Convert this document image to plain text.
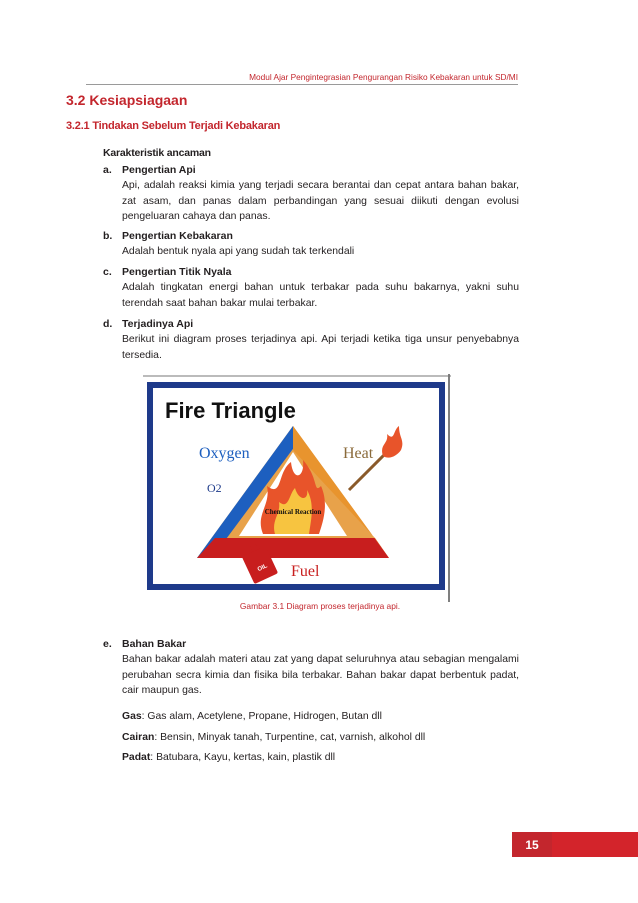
Modul Ajar Pengintegrasian Pengurangan Risiko Kebakaran untuk SD/MI
3.2 Kesiapsiagaan
3.2.1 Tindakan Sebelum Terjadi Kebakaran
Karakteristik ancaman
a. Pengertian Api
Api, adalah reaksi kimia yang terjadi secara berantai dan cepat antara bahan bakar, zat asam, dan panas dalam perbandingan yang sesuai diikuti dengan evolusi pengeluaran cahaya dan panas.
b. Pengertian Kebakaran
Adalah bentuk nyala api yang sudah tak terkendali
c. Pengertian Titik Nyala
Adalah tingkatan energi bahan untuk terbakar pada suhu bakarnya, yakni suhu terendah saat bahan bakar mulai terbakar.
d. Terjadinya Api
Berikut ini diagram proses terjadinya api. Api terjadi ketika tiga unsur penyebabnya tersedia.
Fire Triangle
Chemical Reaction
Oxygen
O2
Heat
Fuel
OIL
Gambar 3.1 Diagram proses terjadinya api.
e. Bahan Bakar
Bahan bakar adalah materi atau zat yang dapat seluruhnya atau sebagian mengalami perubahan secra kimia dan fisika bila terbakar. Bahan bakar dapat berbentuk padat, cair maupun gas.
Gas: Gas alam, Acetylene, Propane, Hidrogen, Butan dll
Cairan: Bensin, Minyak tanah, Turpentine, cat, varnish, alkohol dll
Padat: Batubara, Kayu, kertas, kain, plastik dll
15
